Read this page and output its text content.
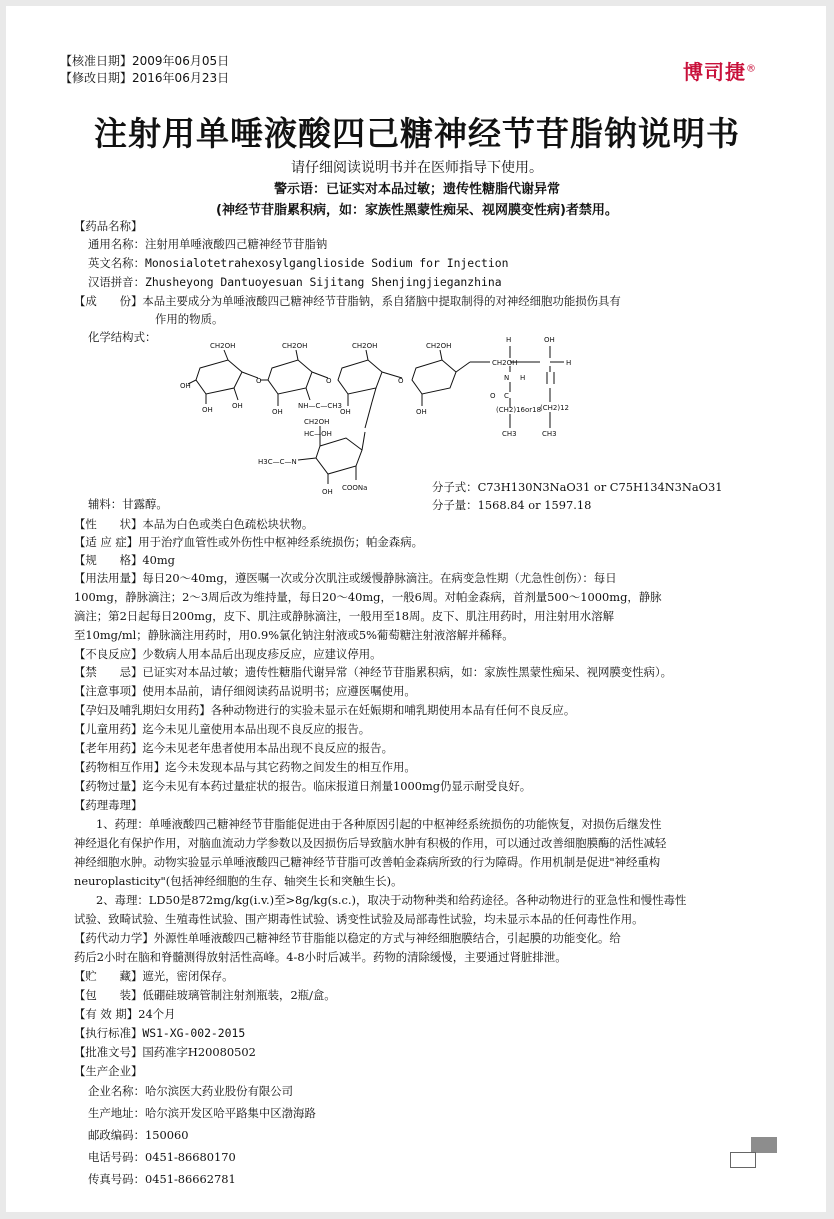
【核准日期】2009年06月05日
【修改日期】2016年06月23日	博司捷®
注射用单唾液酸四己糖神经节苷脂钠说明书
请仔细阅读说明书并在医师指导下使用。
警示语：已证实对本品过敏；遗传性糖脂代谢异常
(神经节苷脂累积病，如：家族性黑蒙性痴呆、视网膜变性病)者禁用。
【药品名称】
通用名称：注射用单唾液酸四己糖神经节苷脂钠
英文名称：Monosialotetrahexosylganglioside Sodium for Injection
汉语拼音：Zhusheyong Dantuoyesuan Sijitang Shenjingjieganzhina
【成　　份】本品主要成分为单唾液酸四己糖神经节苷脂钠，系自猪脑中提取制得的对神经细胞功能损伤具有
作用的物质。
化学结构式：
CH2OH
OH
OH	OH
O
CH2OH
OH
NH—C—CH3
O
CH2OH
OH
O
CH2OH
OH
CH2OH
H	OH
H
N H
C
O
(CH2)16or18
(CH2)12
CH3	CH3
CH2OH
HC—OH
H3C—C—N
OH COONa	分子式：C73H130N3NaO31 or C75H134N3NaO31
分子量：1568.84 or 1597.18
辅料：甘露醇。
【性　　状】本品为白色或类白色疏松块状物。
【适 应 症】用于治疗血管性或外伤性中枢神经系统损伤；帕金森病。
【规　　格】40mg
【用法用量】每日20～40mg，遵医嘱一次或分次肌注或缓慢静脉滴注。在病变急性期（尤急性创伤）：每日
100mg，静脉滴注；2～3周后改为维持量，每日20～40mg，一般6周。对帕金森病，首剂量500～1000mg，静脉
滴注；第2日起每日200mg，皮下、肌注或静脉滴注，一般用至18周。皮下、肌注用药时，用注射用水溶解
至10mg/ml；静脉滴注用药时，用0.9%氯化钠注射液或5%葡萄糖注射液溶解并稀释。
【不良反应】少数病人用本品后出现皮疹反应，应建议停用。
【禁　　忌】已证实对本品过敏；遗传性糖脂代谢异常（神经节苷脂累积病，如：家族性黑蒙性痴呆、视网膜变性病）。
【注意事项】使用本品前，请仔细阅读药品说明书；应遵医嘱使用。
【孕妇及哺乳期妇女用药】各种动物进行的实验未显示在妊娠期和哺乳期使用本品有任何不良反应。
【儿童用药】迄今未见儿童使用本品出现不良反应的报告。
【老年用药】迄今未见老年患者使用本品出现不良反应的报告。
【药物相互作用】迄今未发现本品与其它药物之间发生的相互作用。
【药物过量】迄今未见有本药过量症状的报告。临床报道日剂量1000mg仍显示耐受良好。
【药理毒理】
1、药理：单唾液酸四己糖神经节苷脂能促进由于各种原因引起的中枢神经系统损伤的功能恢复，对损伤后继发性
神经退化有保护作用，对脑血流动力学参数以及因损伤后导致脑水肿有积极的作用，可以通过改善细胞膜酶的活性减轻
神经细胞水肿。动物实验显示单唾液酸四己糖神经节苷脂可改善帕金森病所致的行为障碍。作用机制是促进"神经重构
neuroplasticity"(包括神经细胞的生存、轴突生长和突触生长)。
2、毒理：LD50是872mg/kg(i.v.)至>8g/kg(s.c.)，取决于动物种类和给药途径。各种动物进行的亚急性和慢性毒性
试验、致畸试验、生殖毒性试验、围产期毒性试验、诱变性试验及局部毒性试验，均未显示本品的任何毒性作用。
【药代动力学】外源性单唾液酸四己糖神经节苷脂能以稳定的方式与神经细胞膜结合，引起膜的功能变化。给
药后2小时在脑和脊髓测得放射活性高峰。4-8小时后减半。药物的清除缓慢，主要通过肾脏排泄。
【贮　　藏】遮光，密闭保存。
【包　　装】低硼硅玻璃管制注射剂瓶装，2瓶/盒。
【有 效 期】24个月
【执行标准】WS1-XG-002-2015
【批准文号】国药准字H20080502
【生产企业】
企业名称：哈尔滨医大药业股份有限公司
生产地址：哈尔滨开发区哈平路集中区渤海路
邮政编码：150060
电话号码：0451-86680170
传真号码：0451-86662781
